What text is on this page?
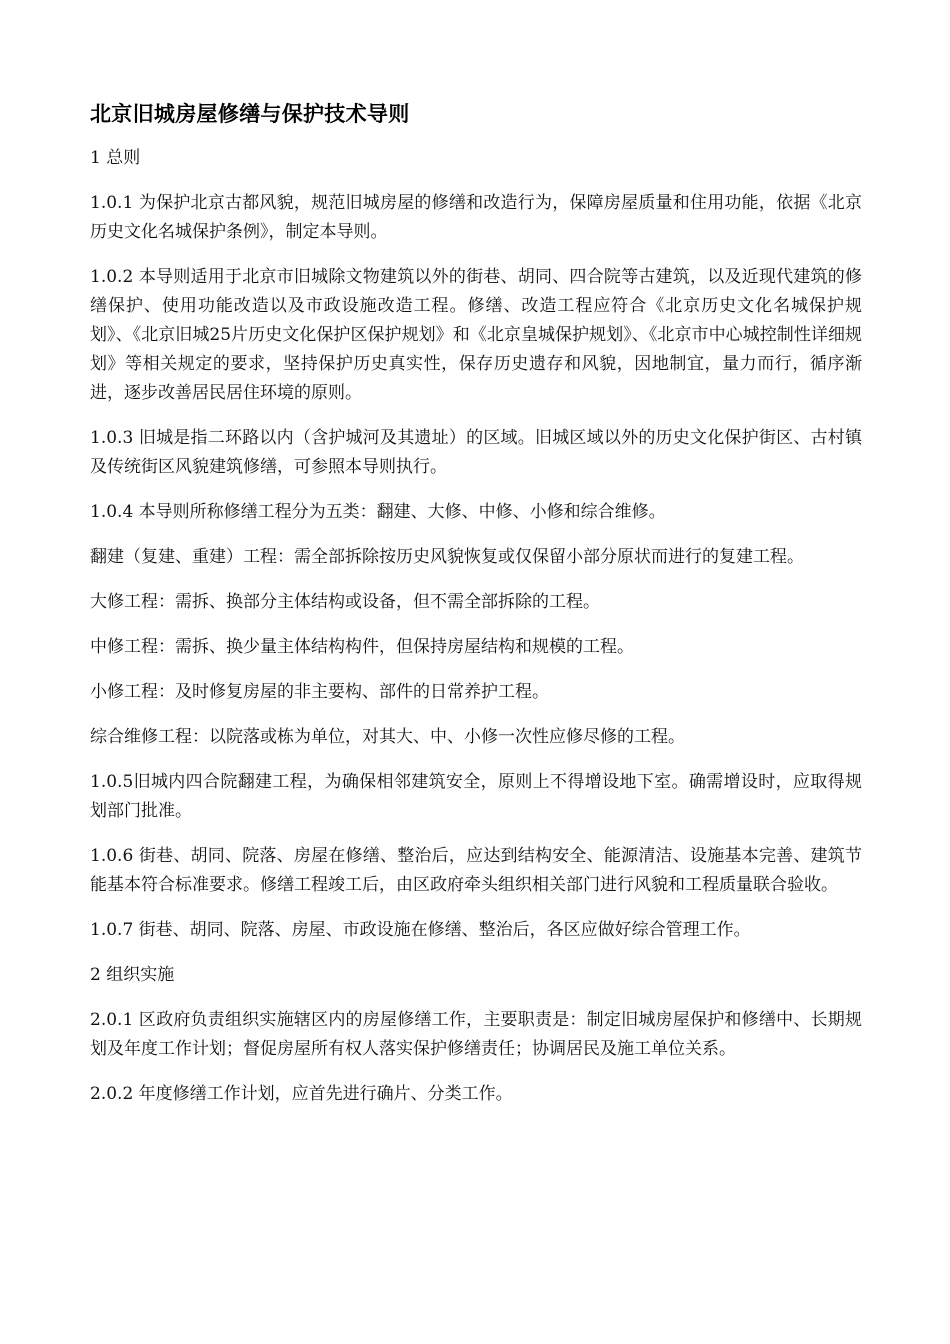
北京旧城房屋修缮与保护技术导则

1 总则

1.0.1 为保护北京古都风貌，规范旧城房屋的修缮和改造行为，保障房屋质量和住用功能，依据《北京历史文化名城保护条例》，制定本导则。

1.0.2 本导则适用于北京市旧城除文物建筑以外的街巷、胡同、四合院等古建筑，以及近现代建筑的修缮保护、使用功能改造以及市政设施改造工程。修缮、改造工程应符合《北京历史文化名城保护规划》、《北京旧城25片历史文化保护区保护规划》和《北京皇城保护规划》、《北京市中心城控制性详细规划》等相关规定的要求，坚持保护历史真实性，保存历史遗存和风貌，因地制宜，量力而行，循序渐进，逐步改善居民居住环境的原则。

1.0.3 旧城是指二环路以内（含护城河及其遗址）的区域。旧城区域以外的历史文化保护街区、古村镇及传统街区风貌建筑修缮，可参照本导则执行。

1.0.4 本导则所称修缮工程分为五类：翻建、大修、中修、小修和综合维修。

翻建（复建、重建）工程：需全部拆除按历史风貌恢复或仅保留小部分原状而进行的复建工程。

大修工程：需拆、换部分主体结构或设备，但不需全部拆除的工程。

中修工程：需拆、换少量主体结构构件，但保持房屋结构和规模的工程。

小修工程：及时修复房屋的非主要构、部件的日常养护工程。

综合维修工程：以院落或栋为单位，对其大、中、小修一次性应修尽修的工程。

1.0.5旧城内四合院翻建工程，为确保相邻建筑安全，原则上不得增设地下室。确需增设时，应取得规划部门批准。

1.0.6 街巷、胡同、院落、房屋在修缮、整治后，应达到结构安全、能源清洁、设施基本完善、建筑节能基本符合标准要求。修缮工程竣工后，由区政府牵头组织相关部门进行风貌和工程质量联合验收。

1.0.7 街巷、胡同、院落、房屋、市政设施在修缮、整治后，各区应做好综合管理工作。

2 组织实施

2.0.1 区政府负责组织实施辖区内的房屋修缮工作，主要职责是：制定旧城房屋保护和修缮中、长期规划及年度工作计划；督促房屋所有权人落实保护修缮责任；协调居民及施工单位关系。

2.0.2 年度修缮工作计划，应首先进行确片、分类工作。
